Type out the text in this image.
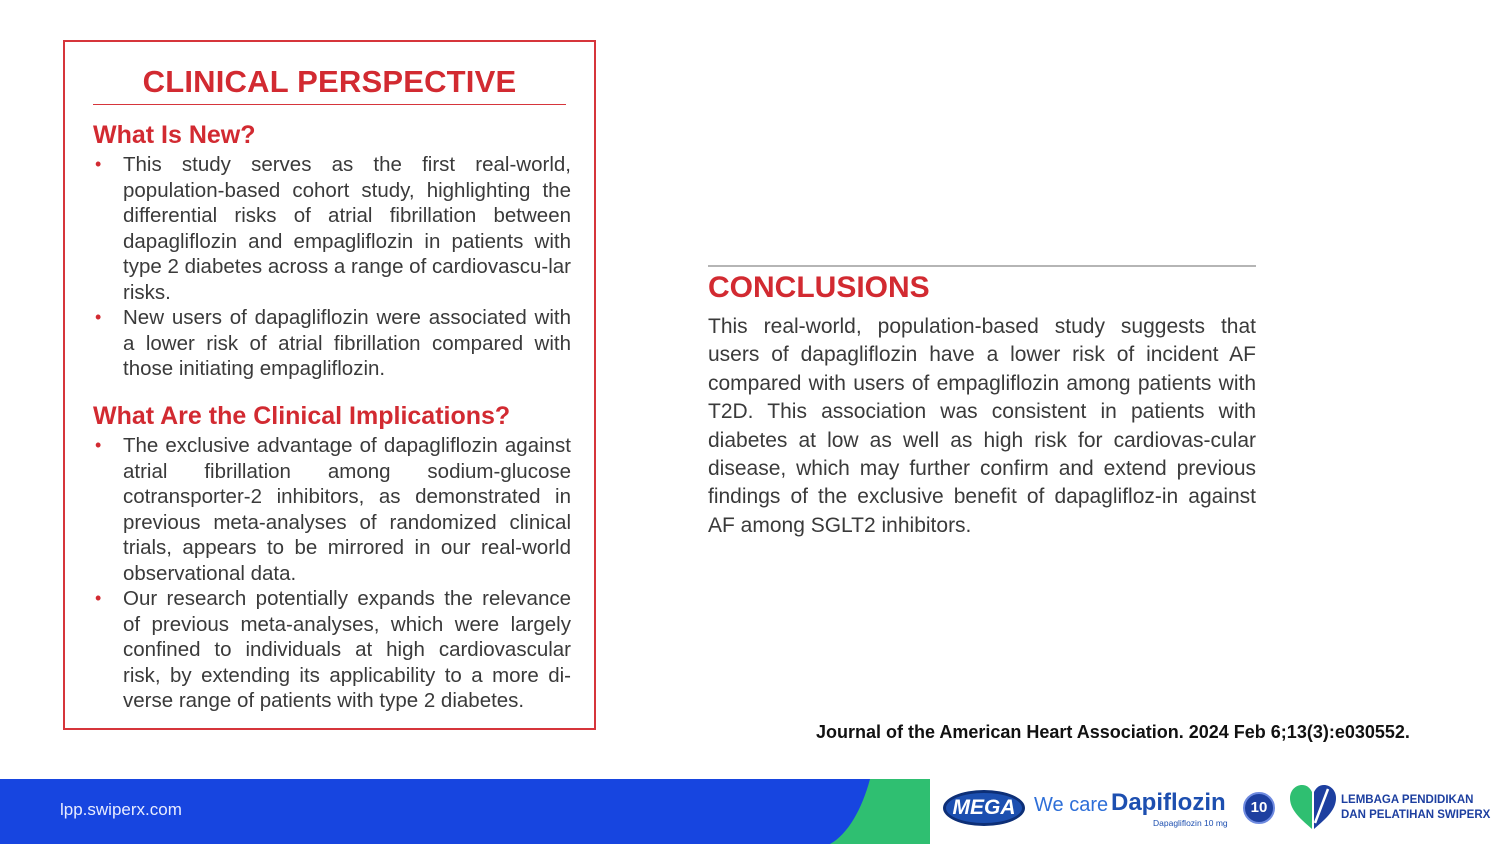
CLINICAL PERSPECTIVE
What Is New?
• This study serves as the first real-world, population-based cohort study, highlighting the differential risks of atrial fibrillation between dapagliflozin and empagliflozin in patients with type 2 diabetes across a range of cardiovascu-lar risks.
• New users of dapagliflozin were associated with a lower risk of atrial fibrillation compared with those initiating empagliflozin.
What Are the Clinical Implications?
• The exclusive advantage of dapagliflozin against atrial fibrillation among sodium-glucose cotransporter-2 inhibitors, as demonstrated in previous meta-analyses of randomized clinical trials, appears to be mirrored in our real-world observational data.
• Our research potentially expands the relevance of previous meta-analyses, which were largely confined to individuals at high cardiovascular risk, by extending its applicability to a more di-verse range of patients with type 2 diabetes.
CONCLUSIONS
This real-world, population-based study suggests that users of dapagliflozin have a lower risk of incident AF compared with users of empagliflozin among patients with T2D. This association was consistent in patients with diabetes at low as well as high risk for cardiovas-cular disease, which may further confirm and extend previous findings of the exclusive benefit of dapaglifloz-in against AF among SGLT2 inhibitors.
Journal of the American Heart Association. 2024 Feb 6;13(3):e030552.
lpp.swiperx.com	MEGA We care Dapiflozin
Dapagliflozin 10 mg
10	LEMBAGA PENDIDIKAN
DAN PELATIHAN SWIPERX
